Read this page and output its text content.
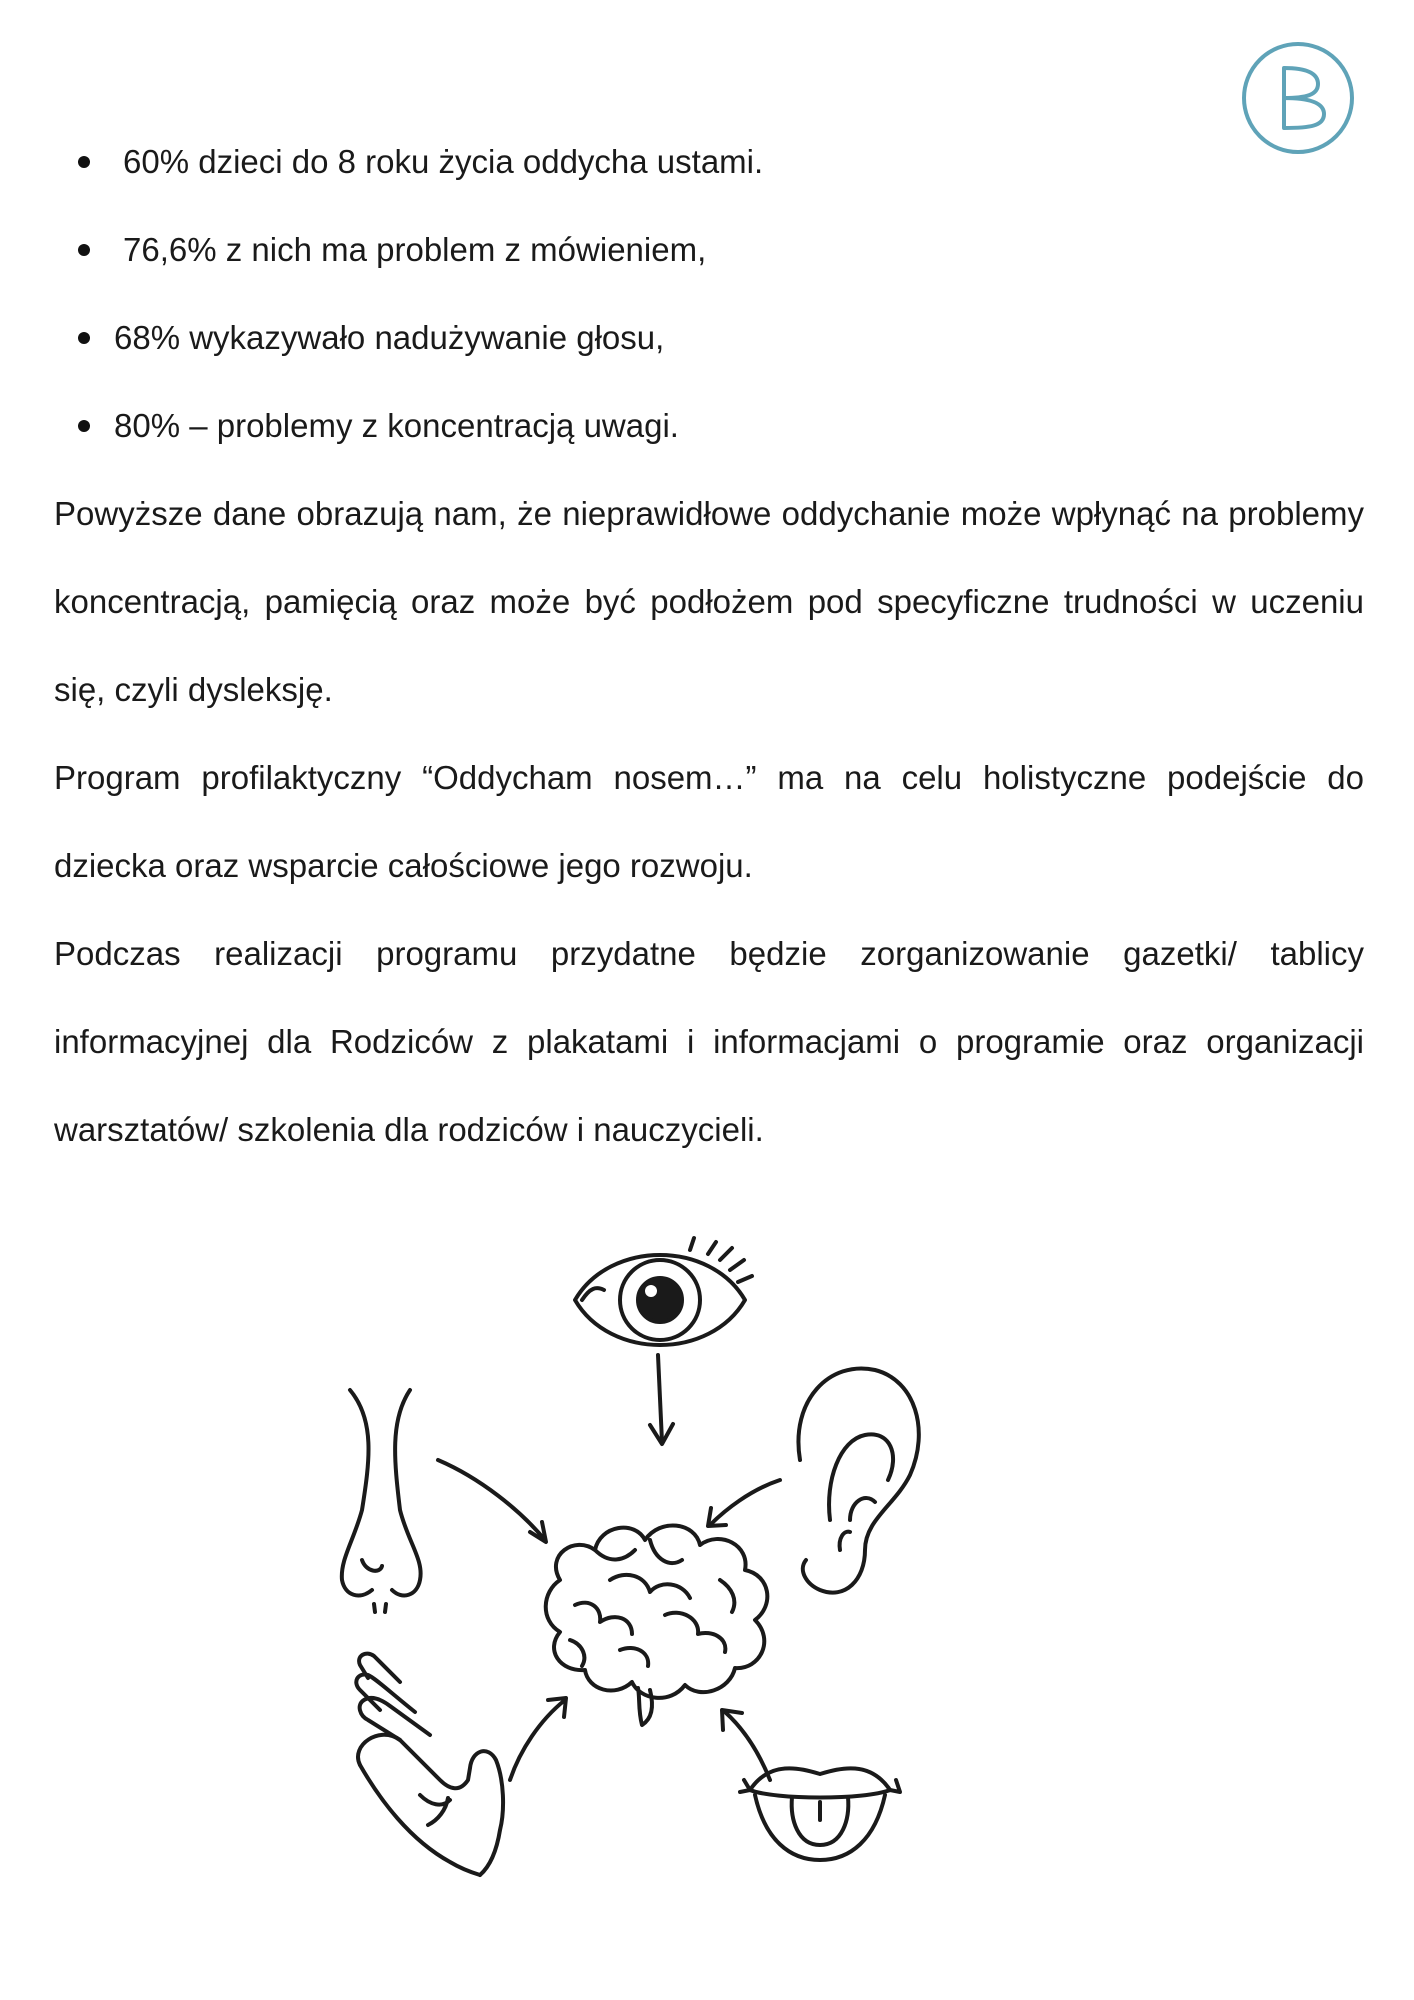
60% dzieci do 8 roku życia oddycha ustami.
76,6% z nich ma problem z mówieniem,
68% wykazywało nadużywanie głosu,
80% – problemy z koncentracją uwagi.

Powyższe dane obrazują nam, że nieprawidłowe oddychanie może wpłynąć na problemy koncentracją, pamięcią oraz może być podłożem pod specyficzne trudności w uczeniu się, czyli dysleksję.

Program profilaktyczny “Oddycham nosem…” ma na celu holistyczne podejście do dziecka oraz wsparcie całościowe jego rozwoju.

Podczas realizacji programu przydatne będzie zorganizowanie gazetki/ tablicy informacyjnej dla Rodziców z plakatami i informacjami o programie oraz organizacji warsztatów/ szkolenia dla rodziców i nauczycieli.
